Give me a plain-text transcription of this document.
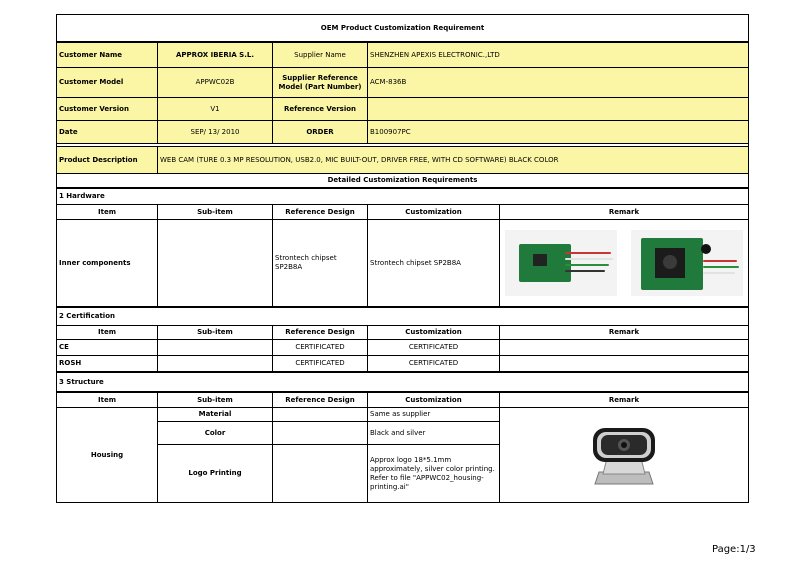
OEM Product Customization Requirement				
Customer Name	APPROX IBERIA S.L.	Supplier Name	SHENZHEN APEXIS ELECTRONIC.,LTD	
Customer Model	APPWC02B	Supplier Reference Model (Part Number)	ACM-836B	
Customer Version	V1	Reference Version		
Date	SEP/ 13/ 2010	ORDER	B100907PC	

Product Description	WEB CAM (TURE 0.3 MP RESOLUTION, USB2.0, MIC BUILT-OUT, DRIVER FREE, WITH CD SOFTWARE) BLACK COLOR			
Detailed Customization Requirements				
1 Hardware				
Item	Sub-item	Reference Design	Customization	Remark
Inner components		Strontech chipset SP2B8A	Strontech chipset SP2B8A	

2 Certification				
Item	Sub-item	Reference Design	Customization	Remark
CE		CERTIFICATED	CERTIFICATED	
ROSH		CERTIFICATED	CERTIFICATED	
3 Structure				
Item	Sub-item	Reference Design	Customization	Remark
Housing	Material		Same as supplier	

	Color		Black and silver	
	Logo Printing		Approx logo 18*5.1mm approximately, silver color printing. Refer to file "APPWC02_housing-printing.ai"	
Page:1/3
